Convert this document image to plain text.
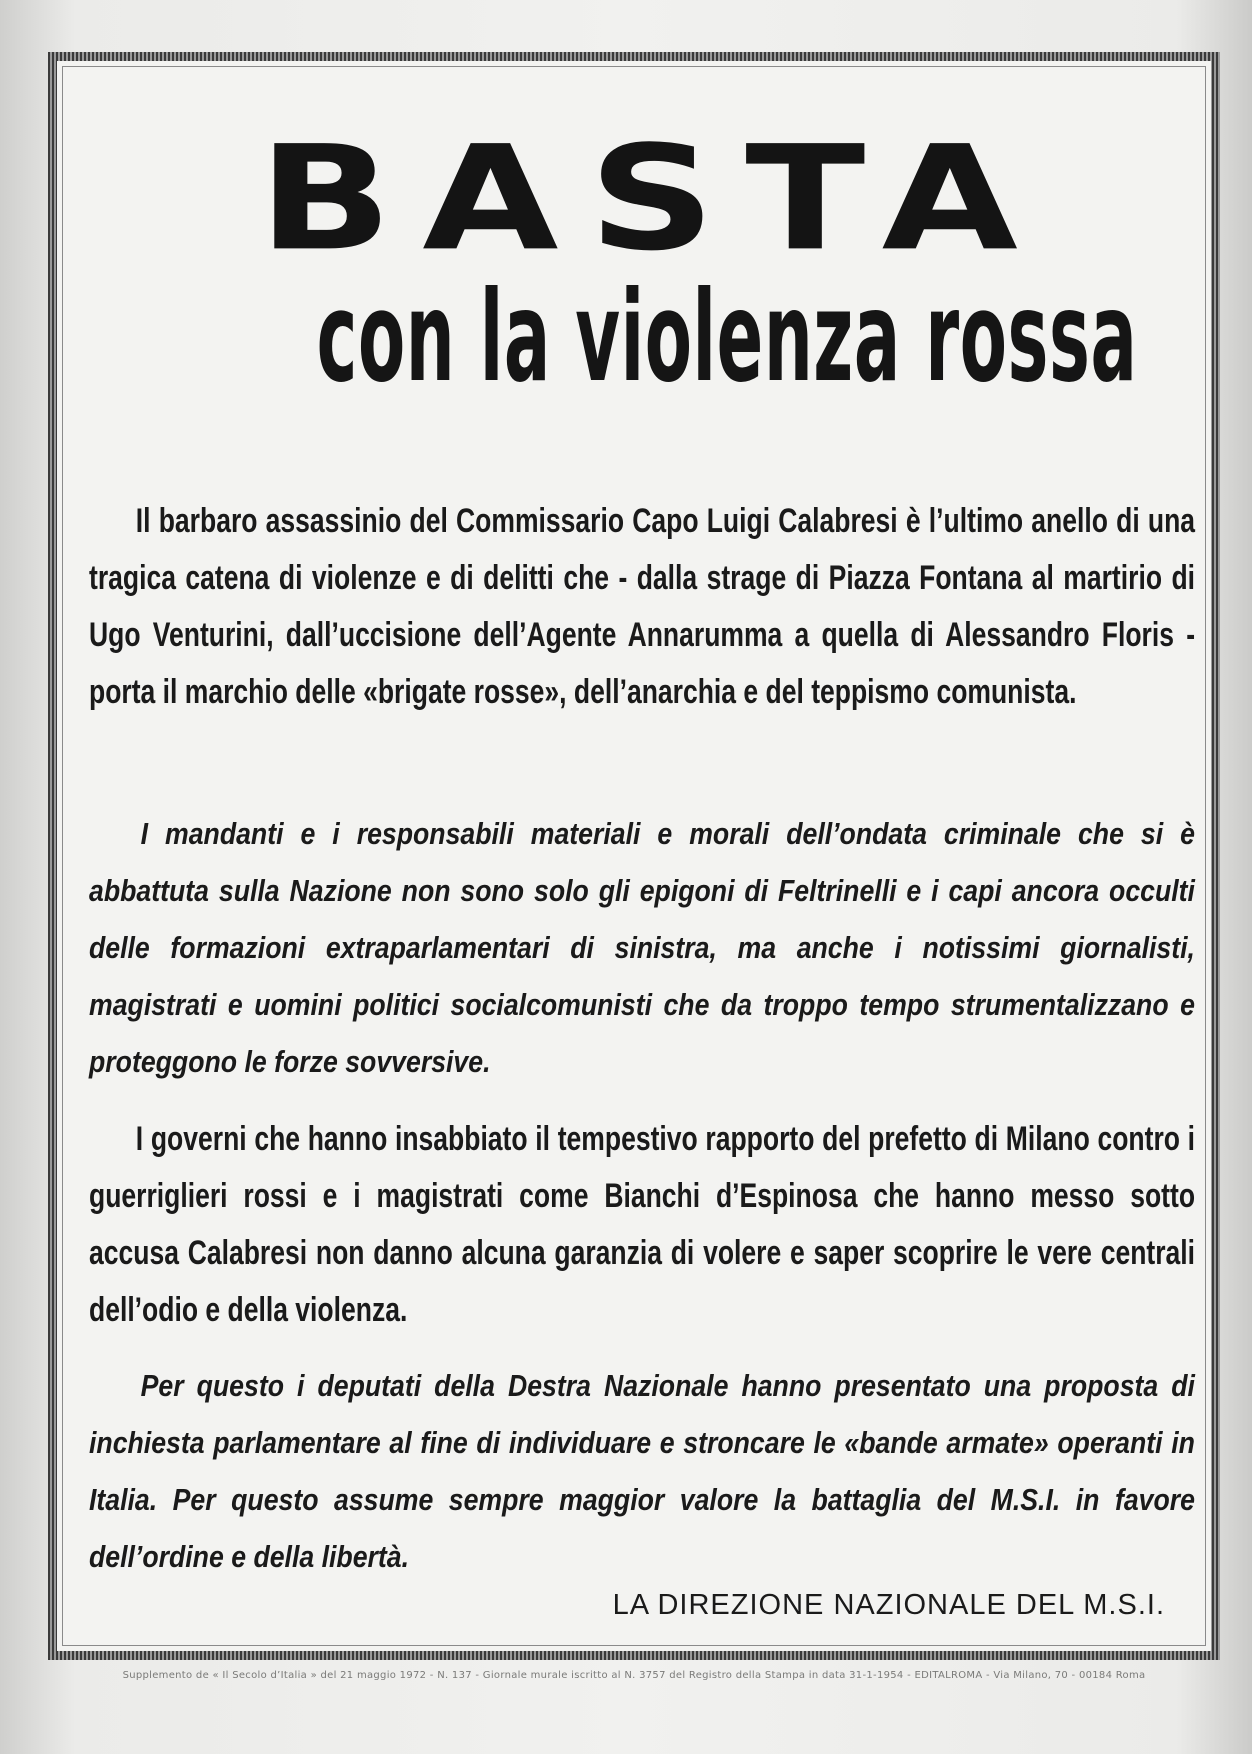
BASTA
con la violenza rossa

Il barbaro assassinio del Commissario Capo Luigi Calabresi è l’ultimo anello di una tragica catena di violenze e di delitti che - dalla strage di Piazza Fontana al martirio di Ugo Venturini, dall’uccisione dell’Agente Annarumma a quella di Alessandro Floris - porta il marchio delle «brigate rosse», dell’anarchia e del teppismo comunista.

I mandanti e i responsabili materiali e morali dell’ondata criminale che si è abbattuta sulla Nazione non sono solo gli epigoni di Feltrinelli e i capi ancora occulti delle formazioni extraparlamentari di sinistra, ma anche i notissimi giornalisti, magistrati e uomini politici socialcomunisti che da troppo tempo strumentalizzano e proteggono le forze sovversive.

I governi che hanno insabbiato il tempestivo rapporto del prefetto di Milano contro i guerriglieri rossi e i magistrati come Bianchi d’Espinosa che hanno messo sotto accusa Calabresi non danno alcuna garanzia di volere e saper scoprire le vere centrali dell’odio e della violenza.

Per questo i deputati della Destra Nazionale hanno presentato una proposta di inchiesta parlamentare al fine di individuare e stroncare le «bande armate» operanti in Italia. Per questo assume sempre maggior valore la battaglia del M.S.I. in favore dell’ordine e della libertà.

LA DIREZIONE NAZIONALE DEL M.S.I.
Supplemento de « Il Secolo d’Italia » del 21 maggio 1972 - N. 137 - Giornale murale iscritto al N. 3757 del Registro della Stampa in data 31-1-1954 - EDITALROMA - Via Milano, 70 - 00184 Roma
